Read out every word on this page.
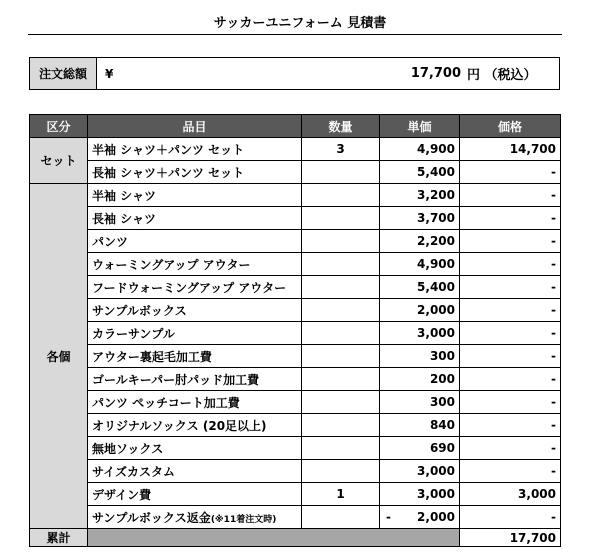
サッカーユニフォーム 見積書
注文総額	¥	17,700 円 （税込）
区分	品目	数量	単価	価格
セット	半袖 シャツ＋パンツ セット	3	4,900	14,700
	長袖 シャツ＋パンツ セット		5,400	-
各個	半袖 シャツ		3,200	-
	長袖 シャツ		3,700	-
	パンツ		2,200	-
	ウォーミングアップ アウター		4,900	-
	フードウォーミングアップ アウター		5,400	-
	サンプルボックス		2,000	-
	カラーサンプル		3,000	-
	アウター裏起毛加工費		300	-
	ゴールキーパー肘パッド加工費		200	-
	パンツ ぺッチコート加工費		300	-
	オリジナルソックス (20足以上)		840	-
	無地ソックス		690	-
	サイズカスタム		3,000	-
	デザイン費	1	3,000	3,000
	サンプルボックス返金(※11着注文時)		- 2,000	-
累計				17,700
